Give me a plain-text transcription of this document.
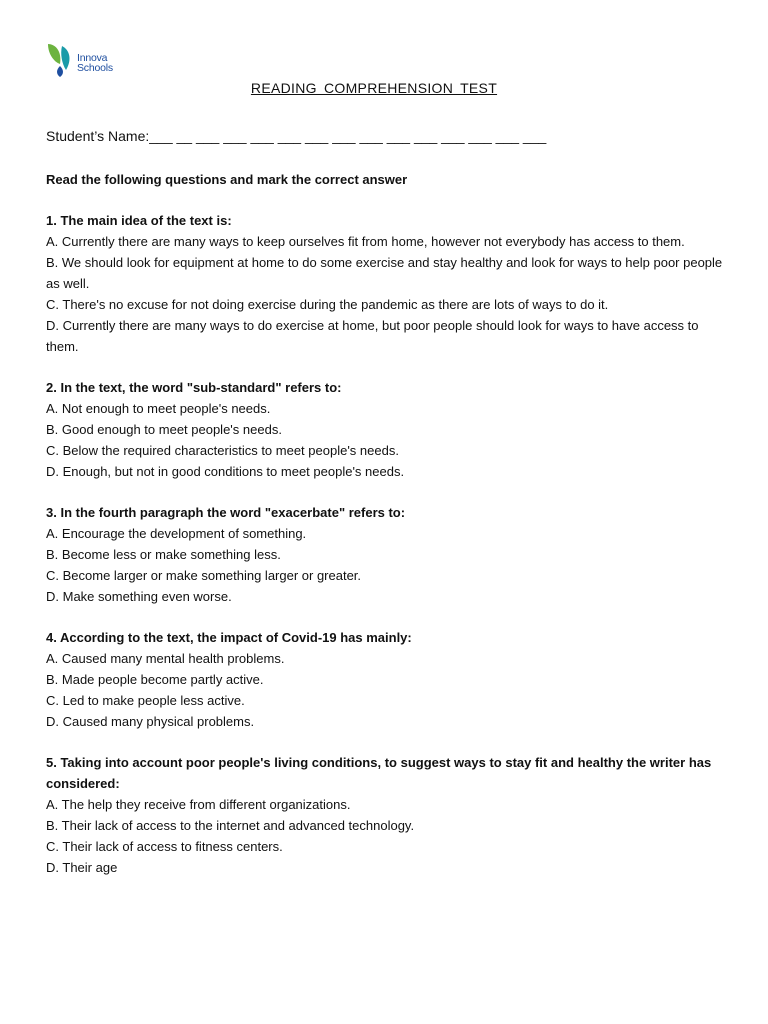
Innova
Schools
READING COMPREHENSION TEST
Student’s Name:___ __ ___ ___ ___ ___ ___ ___ ___ ___ ___ ___ ___ ___ ___
Read the following questions and mark the correct answer
1. The main idea of the text is:
A. Currently there are many ways to keep ourselves fit from home, however not everybody has access to them.
B. We should look for equipment at home to do some exercise and stay healthy and look for ways to help poor people as well.
C. There's no excuse for not doing exercise during the pandemic as there are lots of ways to do it.
D. Currently there are many ways to do exercise at home, but poor people should look for ways to have access to them.
2. In the text, the word "sub-standard" refers to:
A. Not enough to meet people's needs.
B. Good enough to meet people's needs.
C. Below the required characteristics to meet people's needs.
D. Enough, but not in good conditions to meet people's needs.
3. In the fourth paragraph the word "exacerbate" refers to:
A. Encourage the development of something.
B. Become less or make something less.
C. Become larger or make something larger or greater.
D. Make something even worse.
4. According to the text, the impact of Covid-19 has mainly:
A. Caused many mental health problems.
B. Made people become partly active.
C. Led to make people less active.
D. Caused many physical problems.
5. Taking into account poor people's living conditions, to suggest ways to stay fit and healthy the writer has considered:
A. The help they receive from different organizations.
B. Their lack of access to the internet and advanced technology.
C. Their lack of access to fitness centers.
D. Their age
